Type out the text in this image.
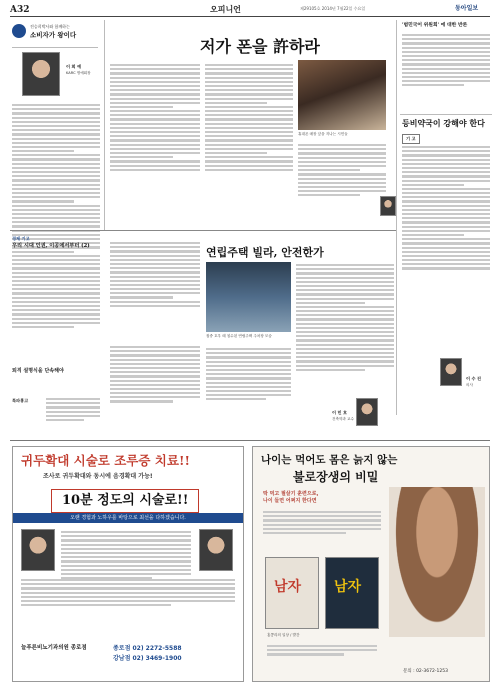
A32	오피니언	제29105호 2014년 7월22일 수요일	동아일보
전승희박사와 함께하는
소비자가 왕이다
이 희 예
KARC 명예회장
저가 폰을 許하라
휴대폰 매장 앞을 지나는 시민들
'범민국어 위원회' 에 대한 반론
등비약국이 강해야 한다
기 고
이 수 진
의사
경제 기고
우리 시대 인권, 이공에서부터 (2)
퇴직 설명식을 단속해야
특파홍고
연립주택 빌라, 안전한가
집중 호우 때 침수된 연립주택 주차장 모습
이 민 호
건축학과 교수
귀두확대 시술로 조루증 치료!!
조사로 귀두확대와 동시에 음경확대 가능!
10분 정도의 시술로!!
오랜 경험과 노하우를 바탕으로 최선을 다하겠습니다.
늘푸른비뇨기과의원 종로점	종로점 02) 2272-5588
강남점 02) 3469-1900
나이는 먹어도 몸은 늙지 않는
불로장생의 비밀
딱 먹고 필살기 훈련으로,
나이 들면 어쩌지 한다면
남자 남자
홍콩리의 일상 / 발간
문의 : 02-3672-1253
